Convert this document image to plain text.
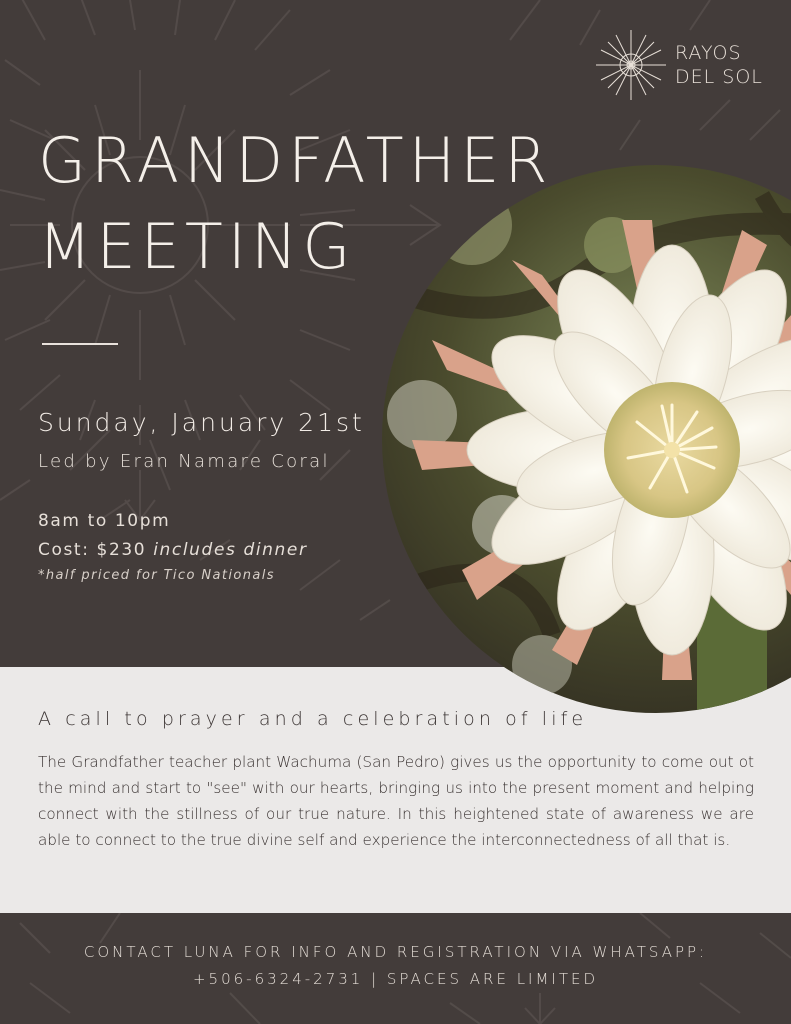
RAYOS
DEL SOL
GRANDFATHER
MEETING
Sunday, January 21st
Led by Eran Namare Coral
8am to 10pm
Cost: $230 includes dinner
*half priced for Tico Nationals
A call to prayer and a celebration of life

The Grandfather teacher plant Wachuma (San Pedro) gives us the opportunity to come out ot the mind and start to "see" with our hearts, bringing us into the present moment and helping connect with the stillness of our true nature. In this heightened state of awareness we are able to connect to the true divine self and experience the interconnectedness of all that is.

CONTACT LUNA FOR INFO AND REGISTRATION VIA WHATSAPP:
+506-6324-2731 | SPACES ARE LIMITED
